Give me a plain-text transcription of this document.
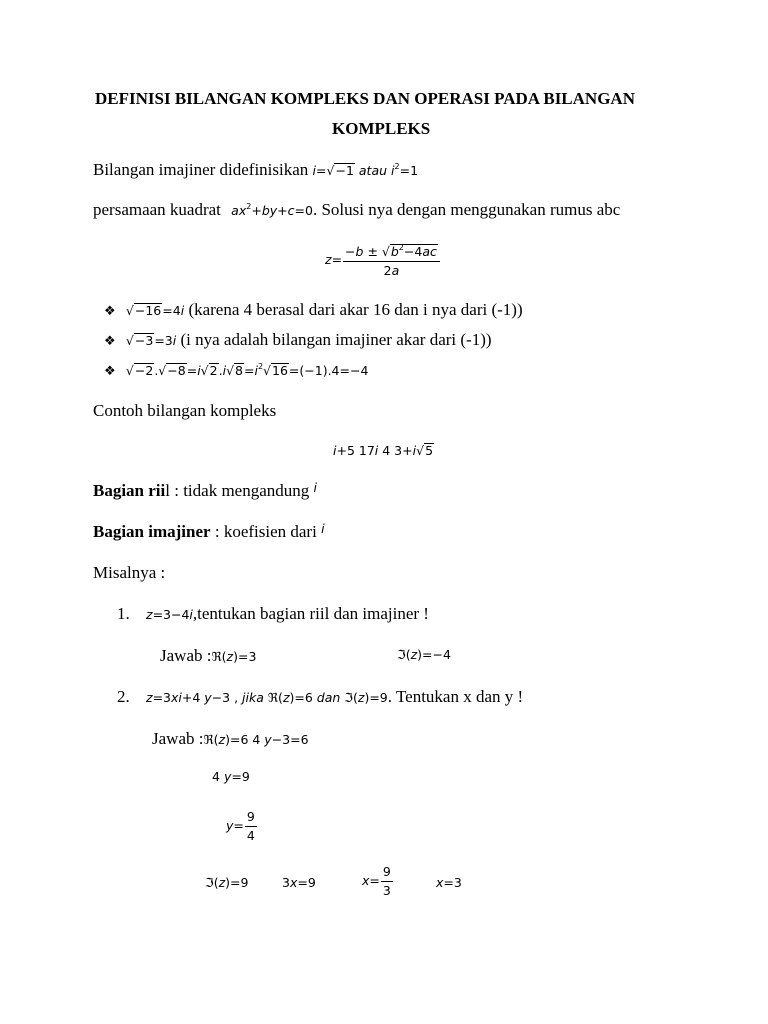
DEFINISI BILANGAN KOMPLEKS DAN OPERASI PADA BILANGAN
KOMPLEKS
Bilangan imajiner didefinisikan i=√−1 atau $i^2=1$
persamaan kuadrat $ax^2+by+c=0$. Solusi nya dengan menggunakan rumus abc
$z= \frac{-b \pm √b^2-4ac}{2a}$
❖ √−16=4i (karena 4 berasal dari akar 16 dan i nya dari (-1))
❖ √−3=3i (i nya adalah bilangan imajiner akar dari (-1))
❖ $√-2.√-8=i√2.i√8=i^2√16=(-1).4=-4$
Contoh bilangan kompleks
i+5 17i 4 3+i√5
Bagian riil : tidak mengandung $^i$
Bagian imajiner : koefisien dari $^i$
Misalnya :
1. z=3−4i,tentukan bagian riil dan imajiner !
Jawab :ℜ(z)=3	ℑ(z)=−4
2. z=3xi+4 y−3 , jika ℜ(z)=6 dan ℑ(z)=9. Tentukan x dan y !
Jawab :ℜ(z)=6 4 y−3=6
4 y=9
$y= \frac{9}{4}$
ℑ(z)=9	3x=9	$x= \frac{9}{3}$	x=3
